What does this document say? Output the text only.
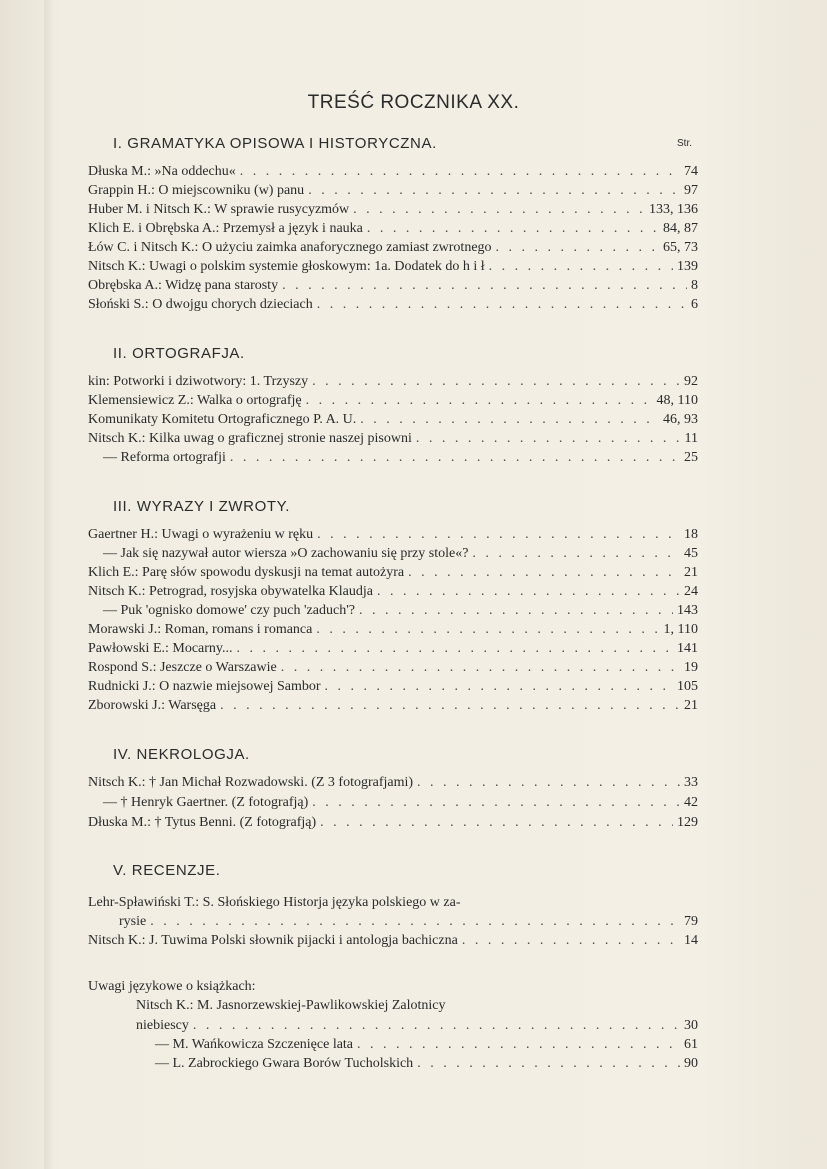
TREŚĆ ROCZNIKA XX.
Str.
I. GRAMATYKA OPISOWA I HISTORYCZNA.
Dłuska M.: »Na oddechu« . . .	74
Grappin H.: O miejscowniku (w) panu . . .	97
Huber M. i Nitsch K.: W sprawie rusycyzmów . . .	133, 136
Klich E. i Obrębska A.: Przemysł a język i nauka . . .	84, 87
Łów C. i Nitsch K.: O użyciu zaimka anaforycznego zamiast zwrotnego . . .	65, 73
Nitsch K.: Uwagi o polskim systemie głoskowym: 1a. Dodatek do h i ł . . .	139
Obrębska A.: Widzę pana starosty . . .	8
Słoński S.: O dwojgu chorych dzieciach . . .	6
II. ORTOGRAFJA.
kin: Potworki i dziwotwory: 1. Trzyszy . . .	92
Klemensiewicz Z.: Walka o ortografję . . .	48, 110
Komunikaty Komitetu Ortograficznego P. A. U. . . .	46, 93
Nitsch K.: Kilka uwag o graficznej stronie naszej pisowni . . .	11
— Reforma ortografji . . .	25
III. WYRAZY I ZWROTY.
Gaertner H.: Uwagi o wyrażeniu w ręku . . .	18
— Jak się nazywał autor wiersza »O zachowaniu się przy stole«? . . .	45
Klich E.: Parę słów spowodu dyskusji na temat autożyra . . .	21
Nitsch K.: Petrograd, rosyjska obywatelka Klaudja . . .	24
— Puk 'ognisko domowe' czy puch 'zaduch'? . . .	143
Morawski J.: Roman, romans i romanca . . .	1, 110
Pawłowski E.: Mocarny... . . .	141
Rospond S.: Jeszcze o Warszawie . . .	19
Rudnicki J.: O nazwie miejsowej Sambor . . .	105
Zborowski J.: Warsęga . . .	21
IV. NEKROLOGJA.
Nitsch K.: † Jan Michał Rozwadowski. (Z 3 fotografjami) . . .	33
— † Henryk Gaertner. (Z fotografją) . . .	42
Dłuska M.: † Tytus Benni. (Z fotografją) . . .	129
V. RECENZJE.
Lehr-Spławiński T.: S. Słońskiego Historja języka polskiego w za-
rysie . . .	79
Nitsch K.: J. Tuwima Polski słownik pijacki i antologja bachiczna . . .	14
Uwagi językowe o książkach:
Nitsch K.: M. Jasnorzewskiej-Pawlikowskiej Zalotnicy
niebiescy . . .	30
— M. Wańkowicza Szczenięce lata . . .	61
— L. Zabrockiego Gwara Borów Tucholskich . . .	90
